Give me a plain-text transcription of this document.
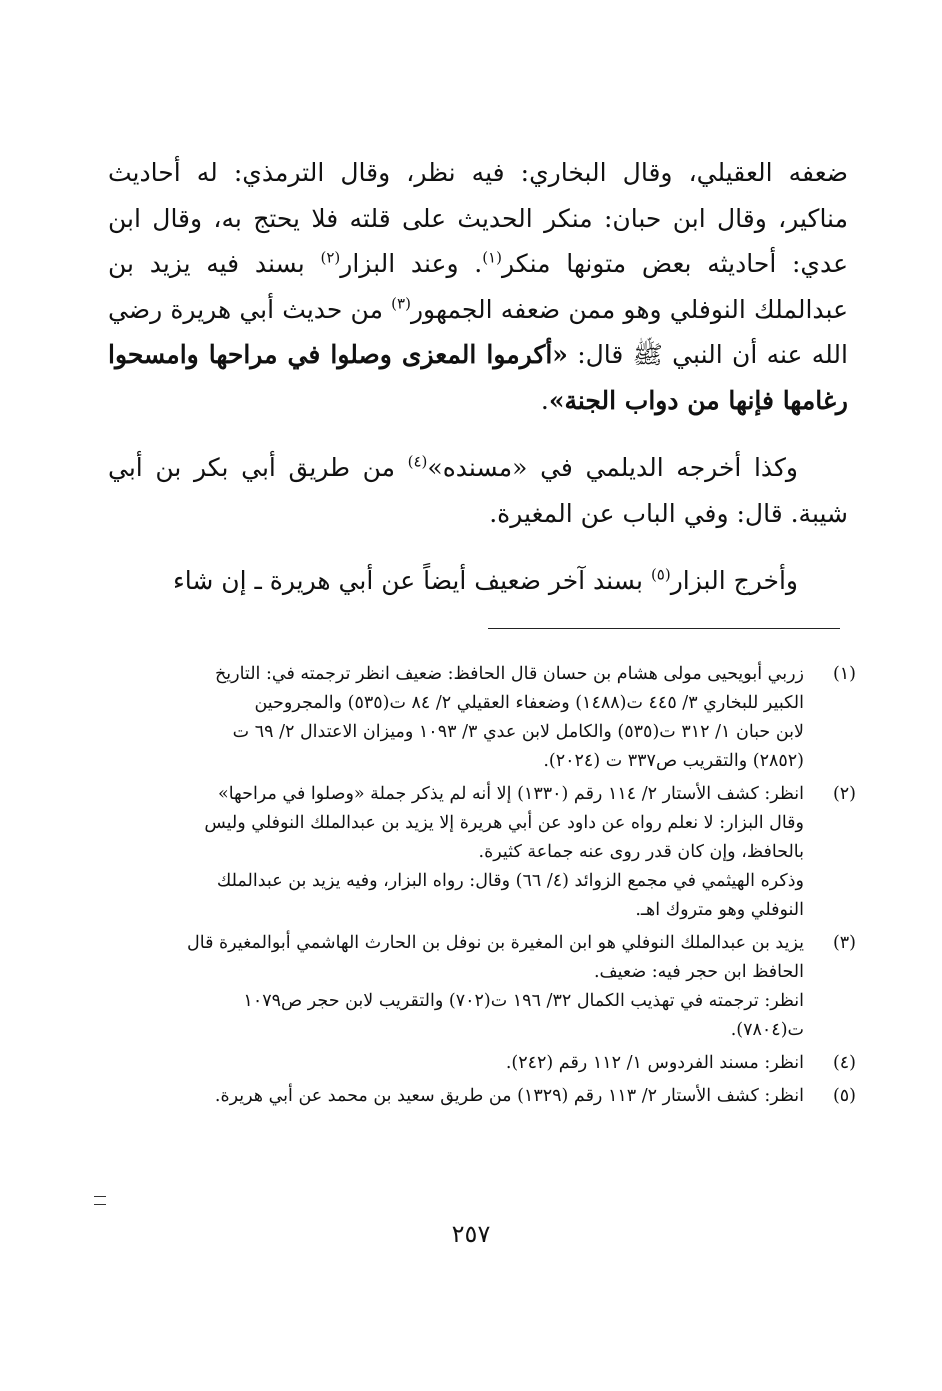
ضعفه العقيلي، وقال البخاري: فيه نظر، وقال الترمذي: له أحاديث مناكير، وقال ابن حبان: منكر الحديث على قلته فلا يحتج به، وقال ابن عدي: أحاديثه بعض متونها منكر$^{(١)}$. وعند البزار$^{(٢)}$ بسند فيه يزيد بن عبدالملك النوفلي وهو ممن ضعفه الجمهور$^{(٣)}$ من حديث أبي هريرة رضي الله عنه أن النبي ﷺ قال: «أكرموا المعزى وصلوا في مراحها وامسحوا رغامها فإنها من دواب الجنة».

وكذا أخرجه الديلمي في «مسنده»$^{(٤)}$ من طريق أبي بكر بن أبي شيبة. قال: وفي الباب عن المغيرة.

وأخرج البزار$^{(٥)}$ بسند آخر ضعيف أيضاً عن أبي هريرة ـ إن شاء

(١)
زربي أبويحيى مولى هشام بن حسان قال الحافظ: ضعيف انظر ترجمته في: التاريخ
الكبير للبخاري ٣/ ٤٤٥ ت(١٤٨٨) وضعفاء العقيلي ٢/ ٨٤ ت(٥٣٥) والمجروحين
لابن حبان ١/ ٣١٢ ت(٥٣٥) والكامل لابن عدي ٣/ ١٠٩٣ وميزان الاعتدال ٢/ ٦٩ ت
(٢٨٥٢) والتقريب ص٣٣٧ ت (٢٠٢٤).
(٢)
انظر: كشف الأستار ٢/ ١١٤ رقم (١٣٣٠) إلا أنه لم يذكر جملة «وصلوا في مراحها»
وقال البزار: لا نعلم رواه عن داود عن أبي هريرة إلا يزيد بن عبدالملك النوفلي وليس
بالحافظ، وإن كان قدر روى عنه جماعة كثيرة.
وذكره الهيثمي في مجمع الزوائد (٤/ ٦٦) وقال: رواه البزار، وفيه يزيد بن عبدالملك
النوفلي وهو متروك اهـ.
(٣)
يزيد بن عبدالملك النوفلي هو ابن المغيرة بن نوفل بن الحارث الهاشمي أبوالمغيرة قال
الحافظ ابن حجر فيه: ضعيف.
انظر: ترجمته في تهذيب الكمال ٣٢/ ١٩٦ ت(٧٠٢) والتقريب لابن حجر ص١٠٧٩
ت(٧٨٠٤).
(٤)
انظر: مسند الفردوس ١/ ١١٢ رقم (٢٤٢).
(٥)
انظر: كشف الأستار ٢/ ١١٣ رقم (١٣٢٩) من طريق سعيد بن محمد عن أبي هريرة.
٢٥٧
